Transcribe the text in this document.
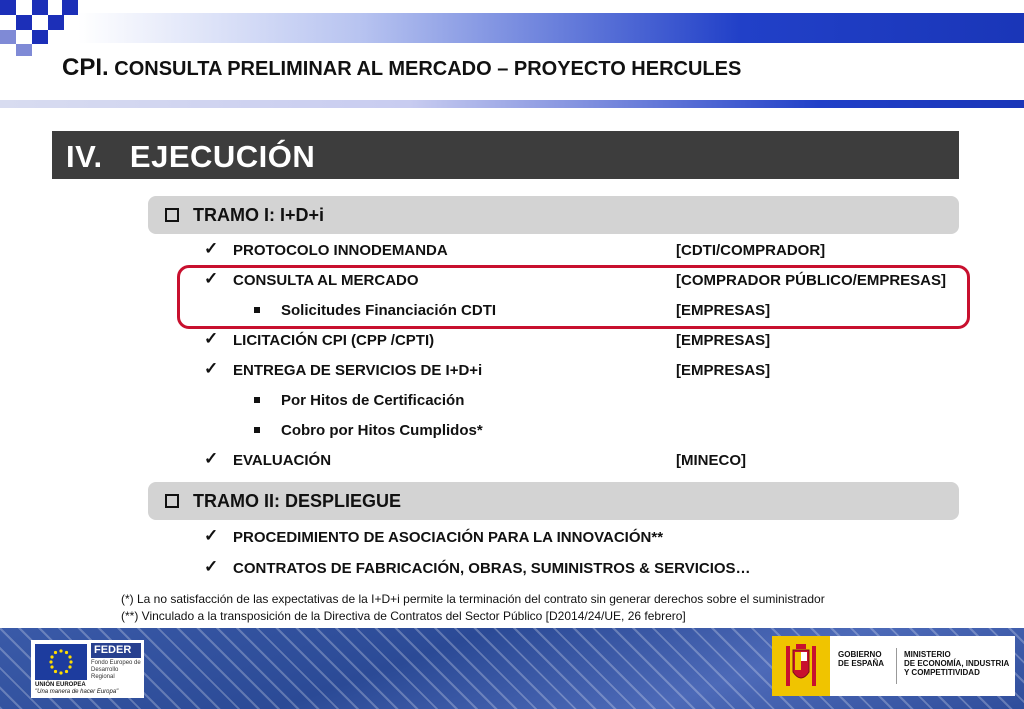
CPI. CONSULTA PRELIMINAR AL MERCADO – PROYECTO HERCULES
IV.   EJECUCIÓN
TRAMO I: I+D+i
✓ PROTOCOLO INNODEMANDA	[CDTI/COMPRADOR]
✓ CONSULTA AL MERCADO	[COMPRADOR PÚBLICO/EMPRESAS]
Solicitudes Financiación CDTI	[EMPRESAS]
✓ LICITACIÓN CPI (CPP /CPTI)	[EMPRESAS]
✓ ENTREGA DE SERVICIOS DE I+D+i	[EMPRESAS]
Por Hitos de Certificación
Cobro por Hitos Cumplidos*
✓ EVALUACIÓN	[MINECO]
TRAMO II: DESPLIEGUE
✓ PROCEDIMIENTO DE ASOCIACIÓN PARA LA INNOVACIÓN**
✓ CONTRATOS DE FABRICACIÓN, OBRAS, SUMINISTROS & SERVICIOS…
(*) La no satisfacción de las expectativas de la I+D+i permite la terminación del contrato sin generar derechos sobre el suministrador
(**) Vinculado a la transposición de la Directiva de Contratos del Sector Público [D2014/24/UE, 26 febrero]
FEDER
Fondo Europeo de Desarrollo Regional
UNIÓN EUROPEA
"Una manera de hacer Europa"
GOBIERNO
DE ESPAÑA
MINISTERIO
DE ECONOMÍA, INDUSTRIA
Y COMPETITIVIDAD
